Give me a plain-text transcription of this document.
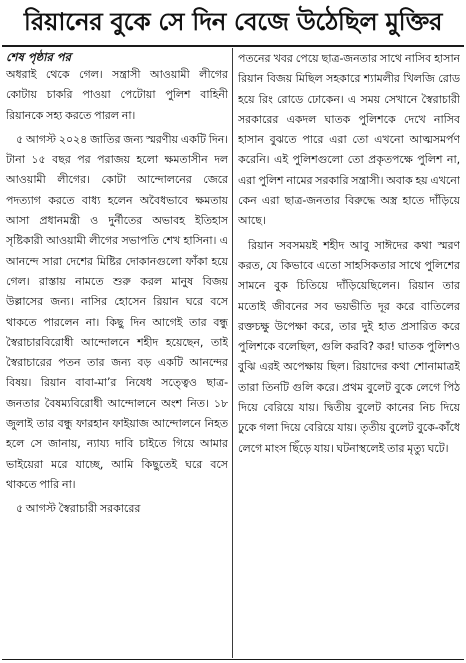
রিয়ানের বুকে সে দিন বেজে উঠেছিল মুক্তির
শেষ পৃষ্ঠার পর

অধরাই থেকে গেল। সন্ত্রাসী আওয়ামী লীগের কোটায় চাকরি পাওয়া পেটোয়া পুলিশ বাহিনী রিয়ানকে সহ্য করতে পারল না।

৫ আগস্ট ২০২৪ জাতির জন্য স্মরণীয় একটি দিন। টানা ১৫ বছর পর পরাজয় হলো ক্ষমতাসীন দল আওয়ামী লীগের। কোটা আন্দোলনের জেরে পদত্যাগ করতে বাধ্য হলেন অবৈধভাবে ক্ষমতায় আসা প্রধানমন্ত্রী ও দুর্নীতের অভাবহ ইতিহাস সৃষ্টিকারী আওয়ামী লীগের সভাপতি শেখ হাসিনা। এ আনন্দে সারা দেশের মিষ্টির দোকানগুলো ফাঁকা হয়ে গেল। রাস্তায় নামতে শুরু করল মানুষ বিজয় উল্লাসের জন্য। নাসির হোসেন রিয়ান ঘরে বসে থাকতে পারলেন না। কিছু দিন আগেই তার বন্ধু স্বৈরাচারবিরোধী আন্দোলনে শহীদ হয়েছেন, তাই স্বৈরাচারের পতন তার জন্য বড় একটি আনন্দের বিষয়। রিয়ান বাবা-মা’র নিষেধ সত্ত্বেও ছাত্র-জনতার বৈষম্যবিরোধী আন্দোলনে অংশ নিত। ১৮ জুলাই তার বন্ধু ফারহান ফাইয়াজ আন্দোলনে নিহত হলে সে জানায়, ন্যায্য দাবি চাইতে গিয়ে আমার ভাইয়েরা মরে যাচ্ছে, আমি কিছুতেই ঘরে বসে থাকতে পারি না।

৫ আগস্ট স্বৈরাচারী সরকারের

পতনের খবর পেয়ে ছাত্র-জনতার সাথে নাসিব হাসান রিয়ান বিজয় মিছিল সহকারে শ্যামলীর খিলজি রোড হয়ে রিং রোডে ঢোকেন। এ সময় সেখানে স্বৈরাচারী সরকারের একদল ঘাতক পুলিশকে দেখে নাসিব হাসান বুঝতে পারে এরা তো এখনো আত্মসমর্পণ করেনি। এই পুলিশগুলো তো প্রকৃতপক্ষে পুলিশ না, এরা পুলিশ নামের সরকারি সন্ত্রাসী। অবাক হয় এখনো কেন এরা ছাত্র-জনতার বিরুদ্ধে অস্ত্র হাতে দাঁড়িয়ে আছে।

রিয়ান সবসময়ই শহীদ আবু সাঈদের কথা স্মরণ করত, যে কিভাবে এতো সাহসিকতার সাথে পুলিশের সামনে বুক চিতিয়ে দাঁড়িয়েছিলেন। রিয়ান তার মতোই জীবনের সব ভয়ভীতি দূর করে বাতিলের রক্তচক্ষু উপেক্ষা করে, তার দুই হাত প্রসারিত করে পুলিশকে বলেছিল, গুলি করবি? কর! ঘাতক পুলিশও বুঝি এরই অপেক্ষায় ছিল। রিয়াদের কথা শোনামাত্রই তারা তিনটি গুলি করে। প্রথম বুলেট বুকে লেগে পিঠ দিয়ে বেরিয়ে যায়। দ্বিতীয় বুলেট কানের নিচ দিয়ে ঢুকে গলা দিয়ে বেরিয়ে যায়। তৃতীয় বুলেট বুকে-কাঁধে লেগে মাংস ছিঁড়ে যায়। ঘটনাস্থলেই তার মৃত্যু ঘটে।
